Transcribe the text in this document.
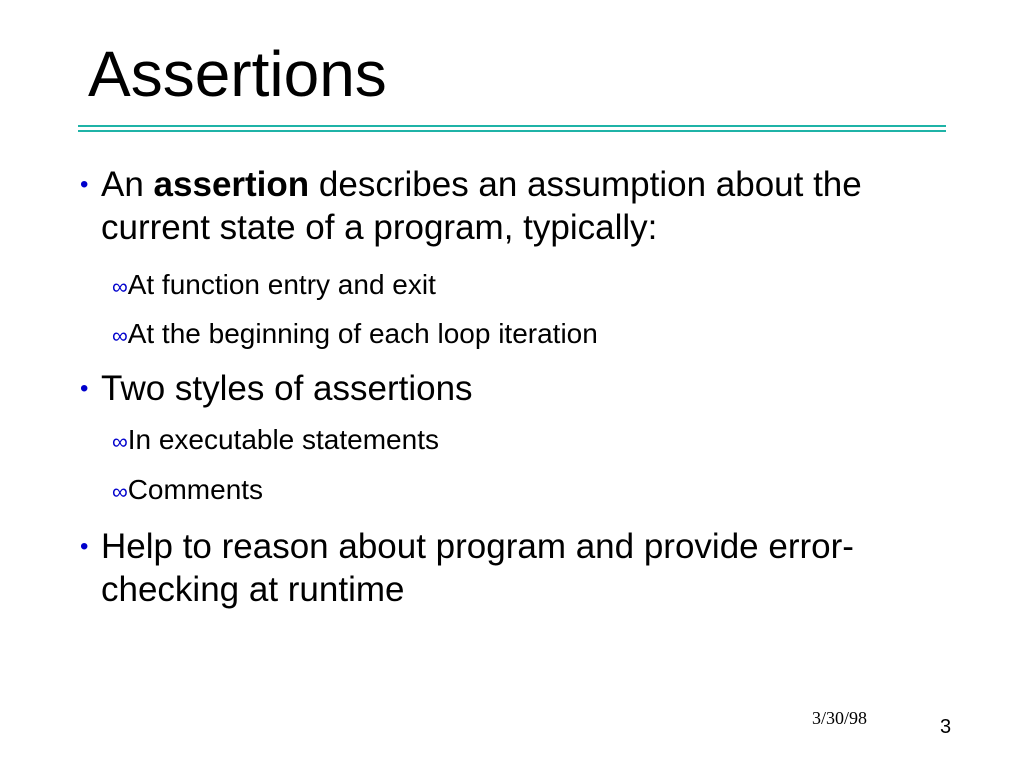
Assertions
• An assertion describes an assumption about the current state of a program, typically:
∞At function entry and exit
∞At the beginning of each loop iteration
• Two styles of assertions
∞In executable statements
∞Comments
• Help to reason about program and provide error-checking at runtime
3/30/98	3
